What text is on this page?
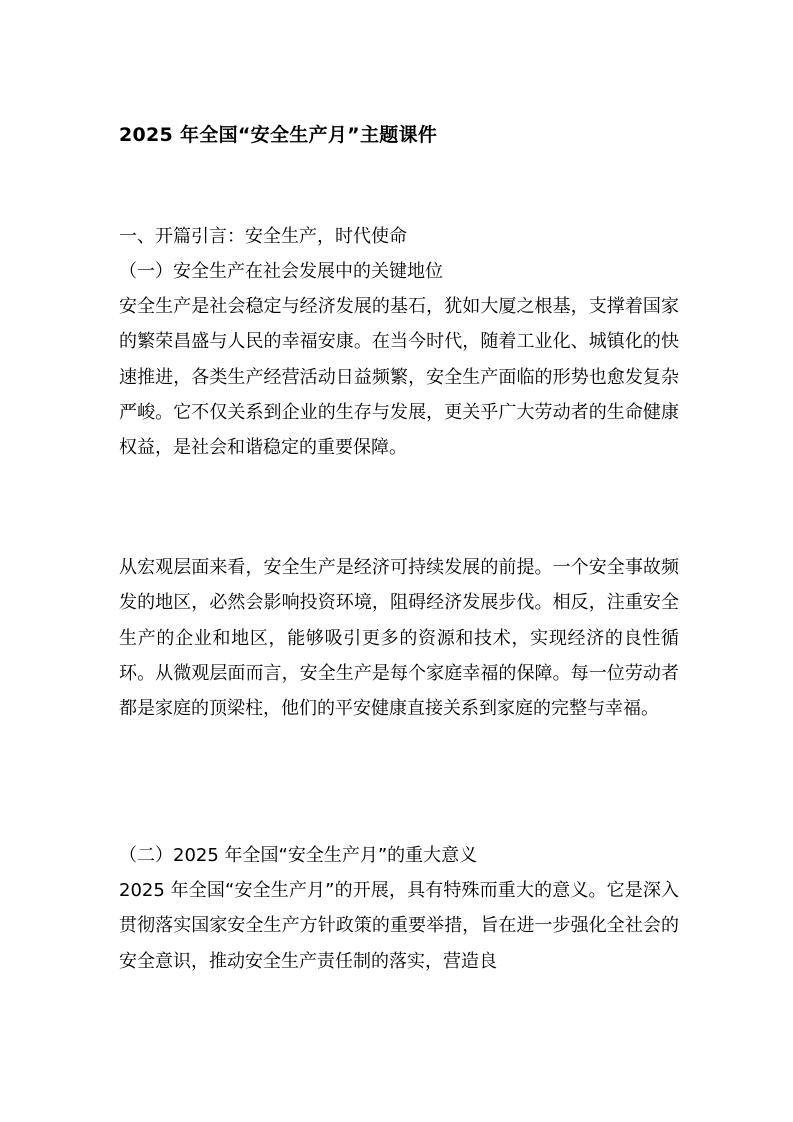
2025 年全国“安全生产月”主题课件

一、开篇引言：安全生产，时代使命

（一）安全生产在社会发展中的关键地位

安全生产是社会稳定与经济发展的基石，犹如大厦之根基，支撑着国家的繁荣昌盛与人民的幸福安康。在当今时代，随着工业化、城镇化的快速推进，各类生产经营活动日益频繁，安全生产面临的形势也愈发复杂严峻。它不仅关系到企业的生存与发展，更关乎广大劳动者的生命健康权益，是社会和谐稳定的重要保障。

从宏观层面来看，安全生产是经济可持续发展的前提。一个安全事故频发的地区，必然会影响投资环境，阻碍经济发展步伐。相反，注重安全生产的企业和地区，能够吸引更多的资源和技术，实现经济的良性循环。从微观层面而言，安全生产是每个家庭幸福的保障。每一位劳动者都是家庭的顶梁柱，他们的平安健康直接关系到家庭的完整与幸福。

（二）2025 年全国“安全生产月”的重大意义

2025 年全国“安全生产月”的开展，具有特殊而重大的意义。它是深入贯彻落实国家安全生产方针政策的重要举措，旨在进一步强化全社会的安全意识，推动安全生产责任制的落实，营造良
